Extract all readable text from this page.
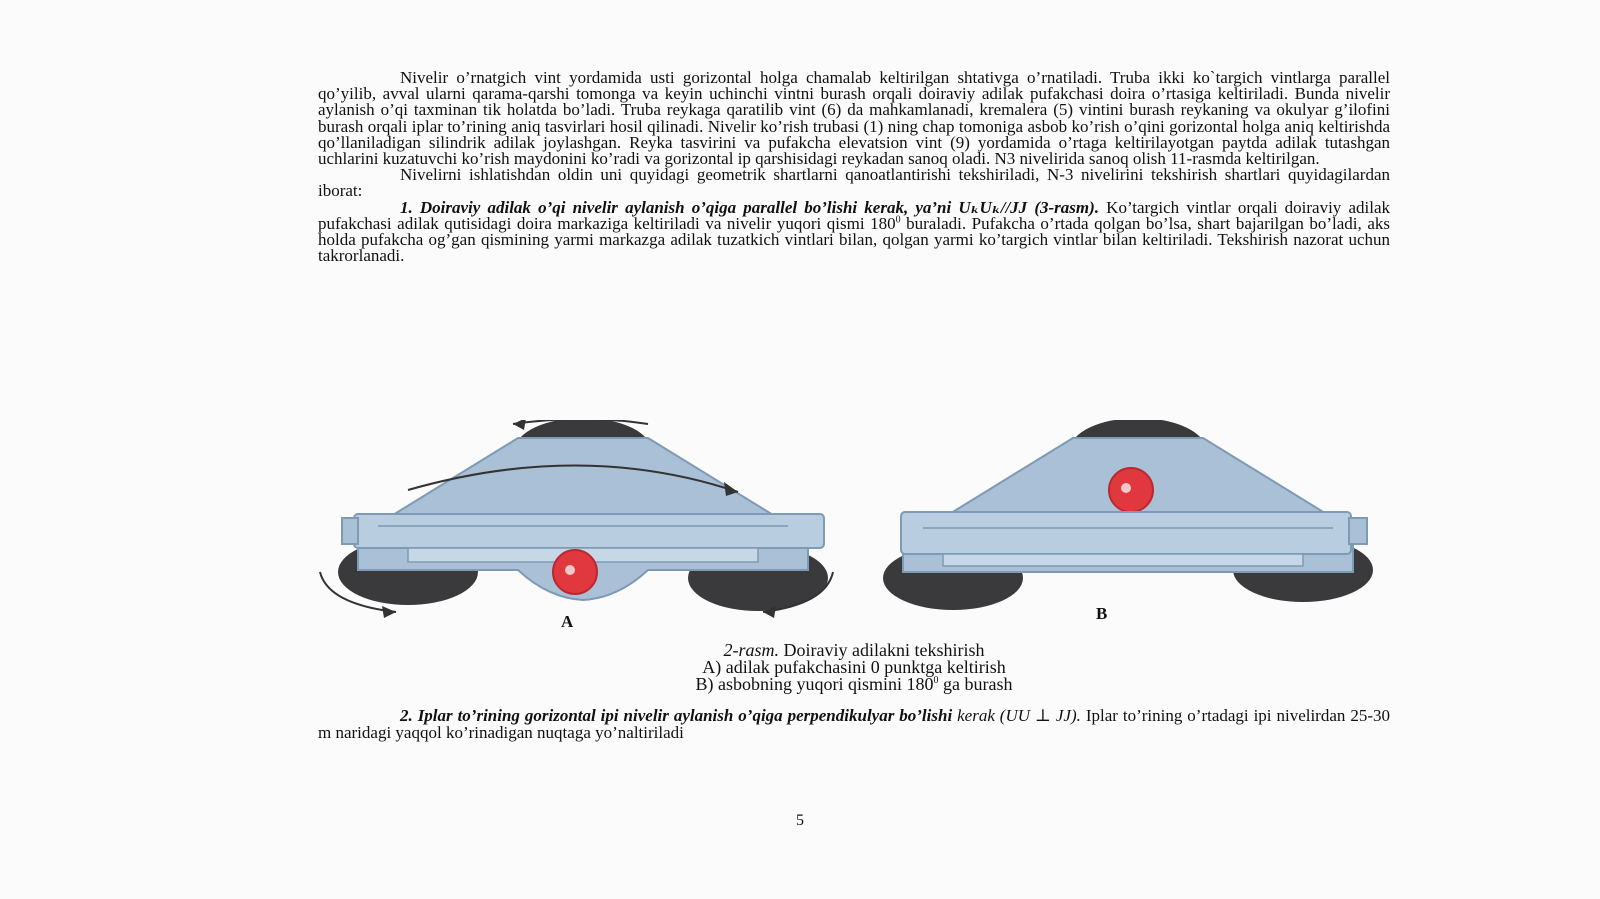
Nivelir o’rnatgich vint yordamida usti gorizontal holga chamalab keltirilgan shtativga o’rnatiladi. Truba ikki ko`targich vintlarga parallel qo’yilib, avval ularni qarama-qarshi tomonga va keyin uchinchi vintni burash orqali doiraviy adilak pufakchasi doira o’rtasiga keltiriladi. Bunda nivelir aylanish o’qi taxminan tik holatda bo’ladi. Truba reykaga qaratilib vint (6) da mahkamlanadi, kremalera (5) vintini burash reykaning va okulyar g’ilofini burash orqali iplar to’rining aniq tasvirlari hosil qilinadi. Nivelir ko’rish trubasi (1) ning chap tomoniga asbob ko’rish o’qini gorizontal holga aniq keltirishda qo’llaniladigan silindrik adilak joylashgan. Reyka tasvirini va pufakcha elevatsion vint (9) yordamida o’rtaga keltirilayotgan paytda adilak tutashgan uchlarini kuzatuvchi ko’rish maydonini ko’radi va gorizontal ip qarshisidagi reykadan sanoq oladi. N3 nivelirida sanoq olish 11-rasmda keltirilgan.

Nivelirni ishlatishdan oldin uni quyidagi geometrik shartlarni qanoatlantirishi tekshiriladi, N-3 nivelirini tekshirish shartlari quyidagilardan iborat:

1. Doiraviy adilak o’qi nivelir aylanish o’qiga parallel bo’lishi kerak, ya’ni UₖUₖ//JJ (3-rasm). Ko’targich vintlar orqali doiraviy adilak pufakchasi adilak qutisidagi doira markaziga keltiriladi va nivelir yuqori qismi $180^0$ buraladi. Pufakcha o’rtada qolgan bo’lsa, shart bajarilgan bo’ladi, aks holda pufakcha og’gan qismining yarmi markazga adilak tuzatkich vintlari bilan, qolgan yarmi ko’targich vintlar bilan keltiriladi. Tekshirish nazorat uchun takrorlanadi.

A	B
2-rasm. Doiraviy adilakni tekshirish
A) adilak pufakchasini 0 punktga keltirish
B) asbobning yuqori qismini $180^0$ ga burash

2. Iplar to’rining gorizontal ipi nivelir aylanish o’qiga perpendikulyar bo’lishi kerak (UU ⊥ JJ). Iplar to’rining o’rtadagi ipi nivelirdan 25-30 m naridagi yaqqol ko’rinadigan nuqtaga yo’naltiriladi

5
